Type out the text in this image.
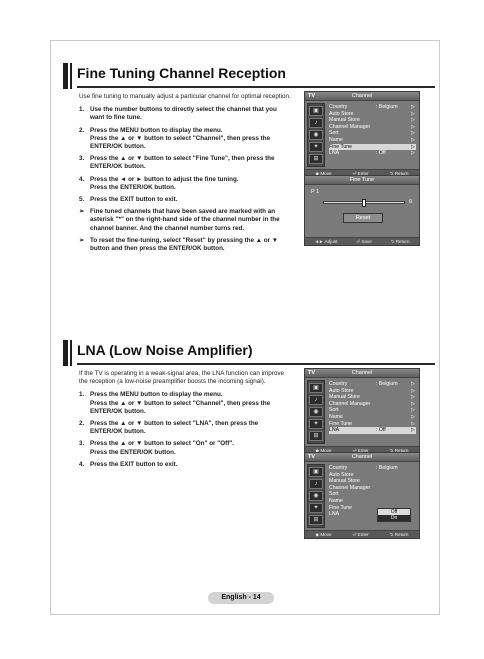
Fine Tuning Channel Reception
Use fine tuning to manually adjust a particular channel for optimal reception.
1. Use the number buttons to directly select the channel that you want to fine tune.
2. Press the MENU button to display the menu.
Press the ▲ or ▼ button to select "Channel", then press the ENTER/OK button.
3. Press the ▲ or ▼ button to select "Fine Tune", then press the ENTER/OK button.
4. Press the ◄ or ► button to adjust the fine tuning.
Press the ENTER/OK button.
5. Press the EXIT button to exit.
➢ Fine tuned channels that have been saved are marked with an asterisk "*" on the right-hand side of the channel number in the channel banner. And the channel number turns red.
➢ To reset the fine-tuning, select "Reset" by pressing the ▲ or ▼ button and then press the ENTER/OK button.
TV	Channel
▣
♪
◉
✦
⊞
Country	: Belgium	▷
Auto Store	▷
Manual Store	▷
Channel Manager	▷
Sort	▷
Name	▷
Fine Tune	▷
LNA	: Off	▷
◆ Move	⏎ Enter	⮌ Return
Fine Tune
P 1
0
Reset
◄► Adjust	⏎ Save	⮌ Return
LNA (Low Noise Amplifier)
If the TV is operating in a weak-signal area, the LNA function can improve the reception (a low-noise preamplifier boosts the incoming signal).
1. Press the MENU button to display the menu.
Press the ▲ or ▼ button to select "Channel", then press the ENTER/OK button.
2. Press the ▲ or ▼ button to select "LNA", then press the ENTER/OK button.
3. Press the ▲ or ▼ button to select "On" or "Off".
Press the ENTER/OK button.
4. Press the EXIT button to exit.
TV	Channel
▣
♪
◉
✦
⊞
Country	: Belgium	▷
Auto Store	▷
Manual Store	▷
Channel Manager	▷
Sort	▷
Name	▷
Fine Tune	▷
LNA	: Off	▷
◆ Move	⏎ Enter	⮌ Return
TV	Channel
▣
♪
◉
✦
⊞
Country	: Belgium
Auto Store
Manual Store
Channel Manager
Sort
Name
Fine Tune
LNA	Off
On
◆ Move	⏎ Enter	⮌ Return
English - 14
